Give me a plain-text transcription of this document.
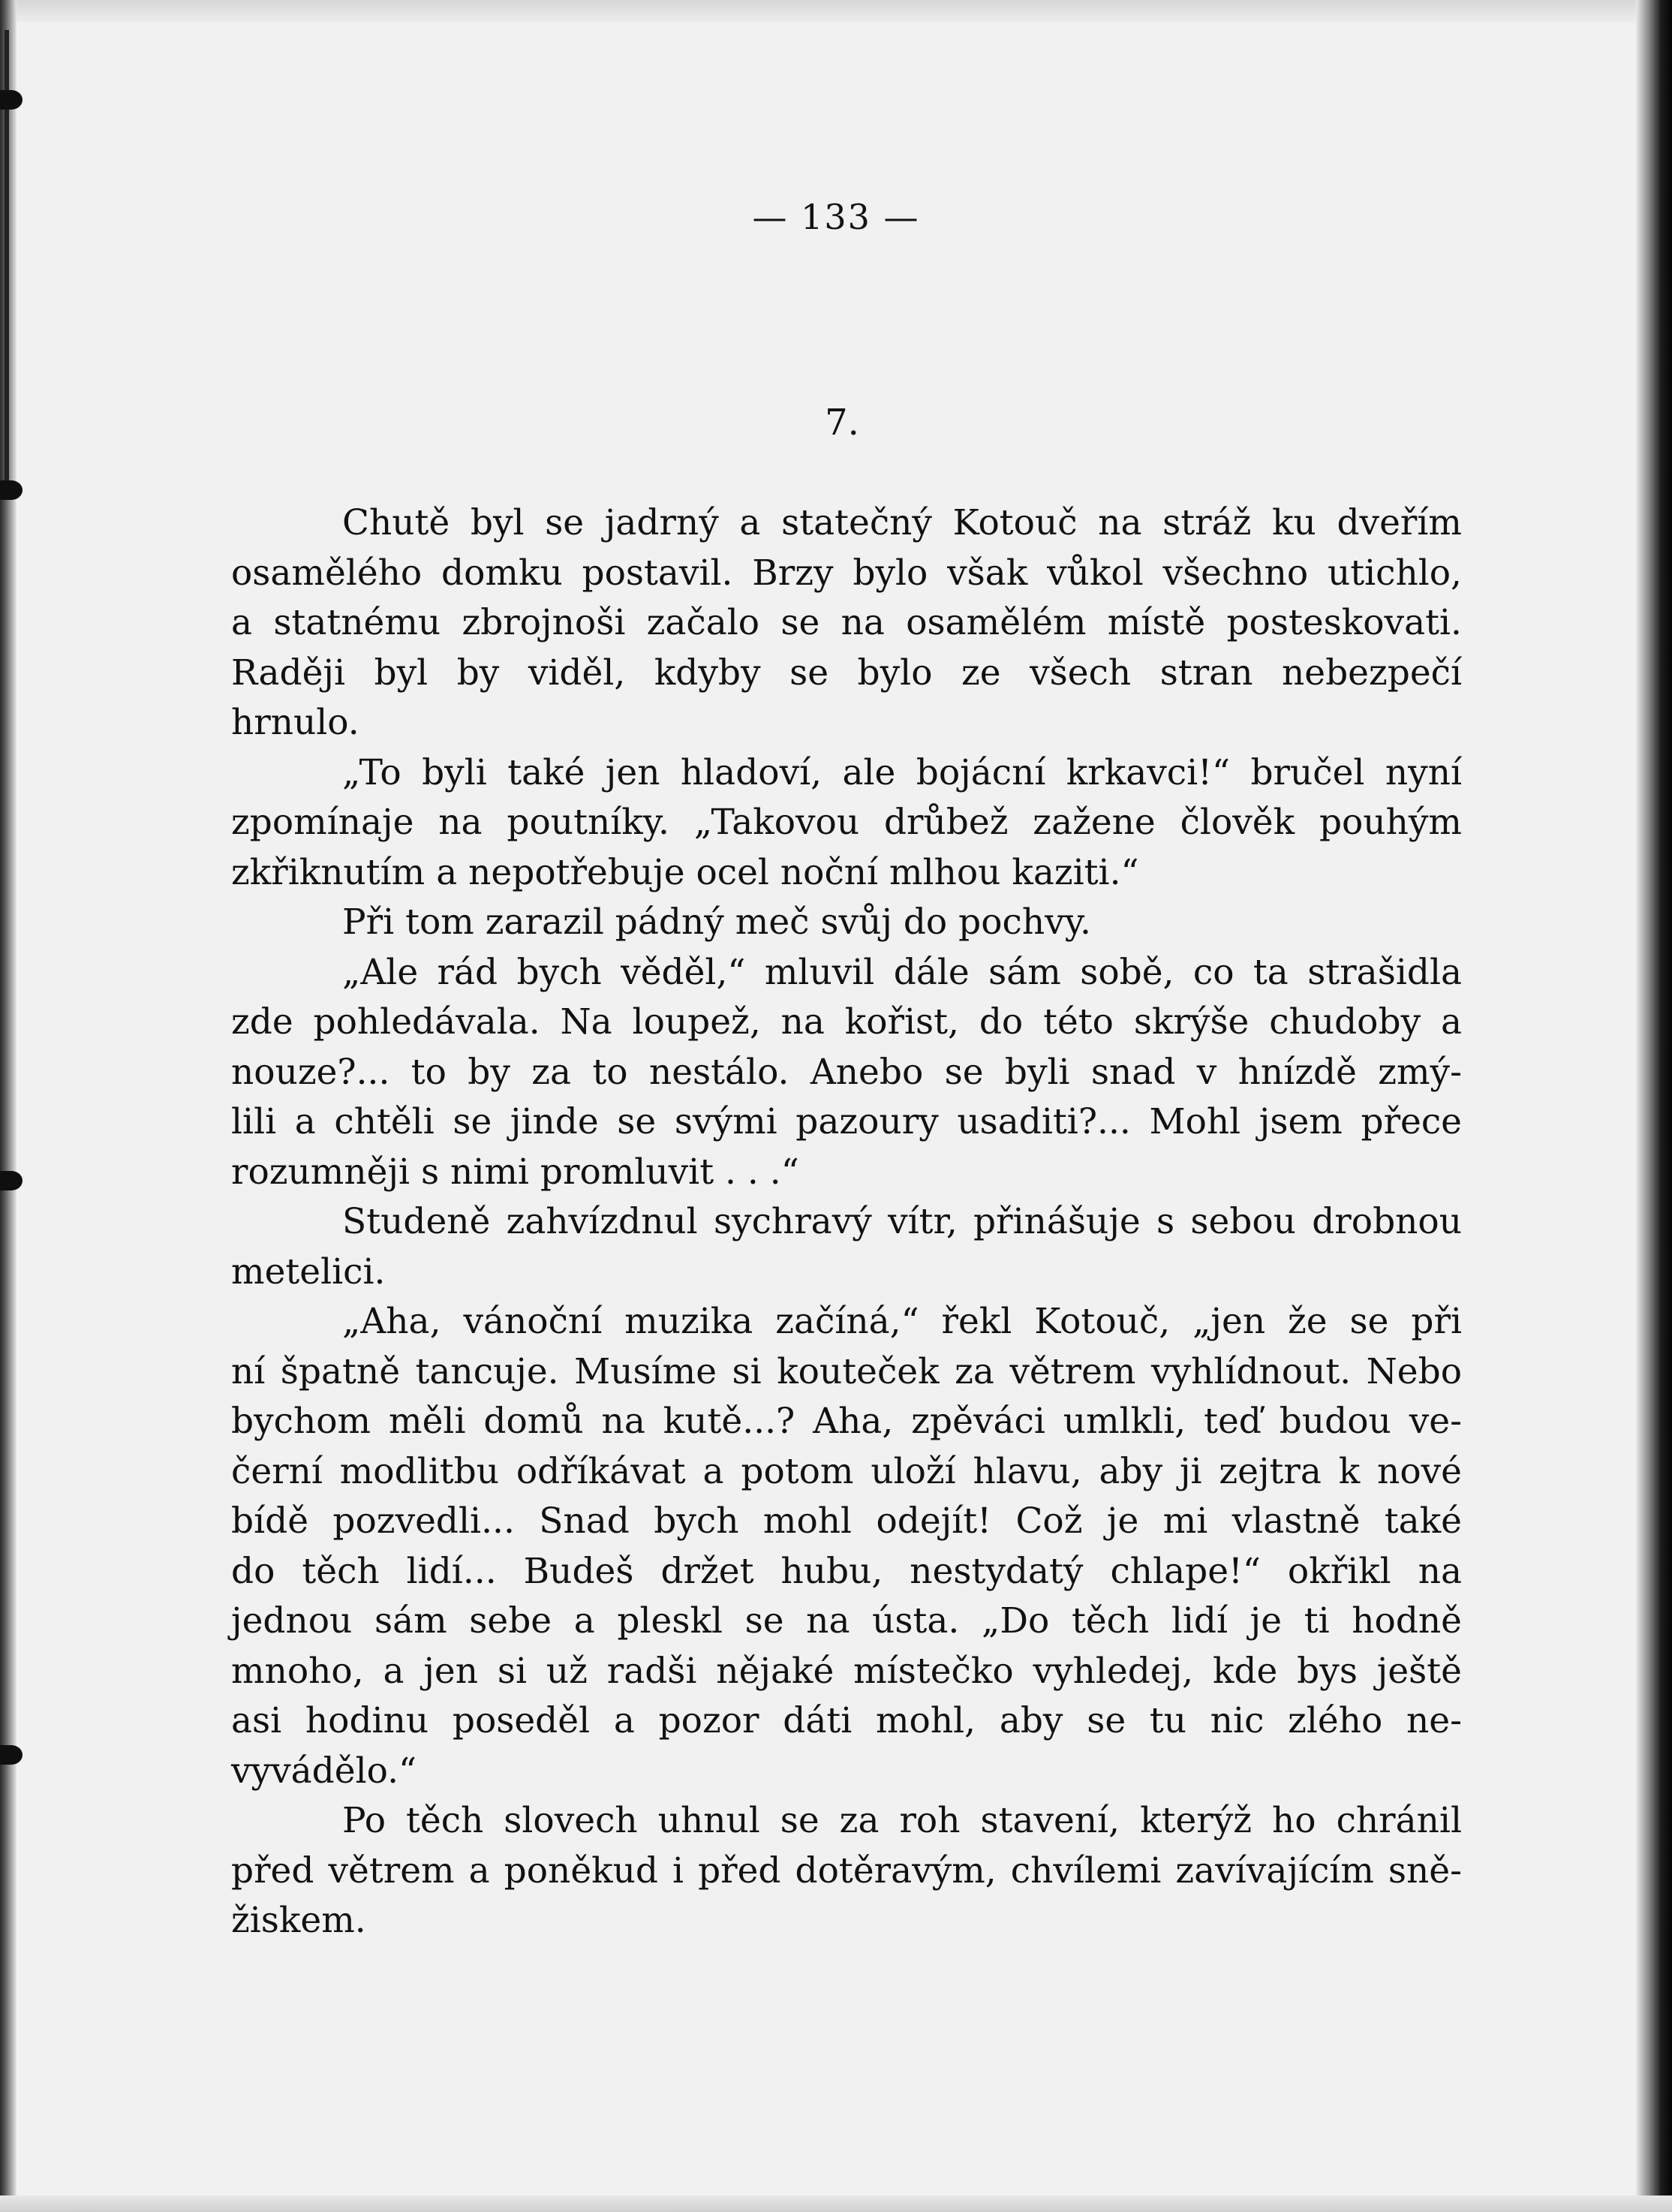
— 133 —
7.
Chutě byl se jadrný a statečný Kotouč na stráž ku dveřím
osamělého domku postavil. Brzy bylo však vůkol všechno utichlo,
a statnému zbrojnoši začalo se na osamělém místě posteskovati.
Raději byl by viděl, kdyby se bylo ze všech stran nebezpečí
hrnulo.
„To byli také jen hladoví, ale bojácní krkavci!“ bručel nyní
zpomínaje na poutníky. „Takovou drůbež zažene člověk pouhým
zkřiknutím a nepotřebuje ocel noční mlhou kaziti.“
Při tom zarazil pádný meč svůj do pochvy.
„Ale rád bych věděl,“ mluvil dále sám sobě, co ta strašidla
zde pohledávala. Na loupež, na kořist, do této skrýše chudoby a
nouze?... to by za to nestálo. Anebo se byli snad v hnízdě zmý-
lili a chtěli se jinde se svými pazoury usaditi?... Mohl jsem přece
rozumněji s nimi promluvit . . .“
Studeně zahvízdnul sychravý vítr, přinášuje s sebou drobnou
metelici.
„Aha, vánoční muzika začíná,“ řekl Kotouč, „jen že se při
ní špatně tancuje. Musíme si kouteček za větrem vyhlídnout. Nebo
bychom měli domů na kutě...? Aha, zpěváci umlkli, teď budou ve-
černí modlitbu odříkávat a potom uloží hlavu, aby ji zejtra k nové
bídě pozvedli... Snad bych mohl odejít! Což je mi vlastně také
do těch lidí... Budeš držet hubu, nestydatý chlape!“ okřikl na
jednou sám sebe a pleskl se na ústa. „Do těch lidí je ti hodně
mnoho, a jen si už radši nějaké místečko vyhledej, kde bys ještě
asi hodinu poseděl a pozor dáti mohl, aby se tu nic zlého ne-
vyvádělo.“
Po těch slovech uhnul se za roh stavení, kterýž ho chránil
před větrem a poněkud i před dotěravým, chvílemi zavívajícím sně-
žiskem.
